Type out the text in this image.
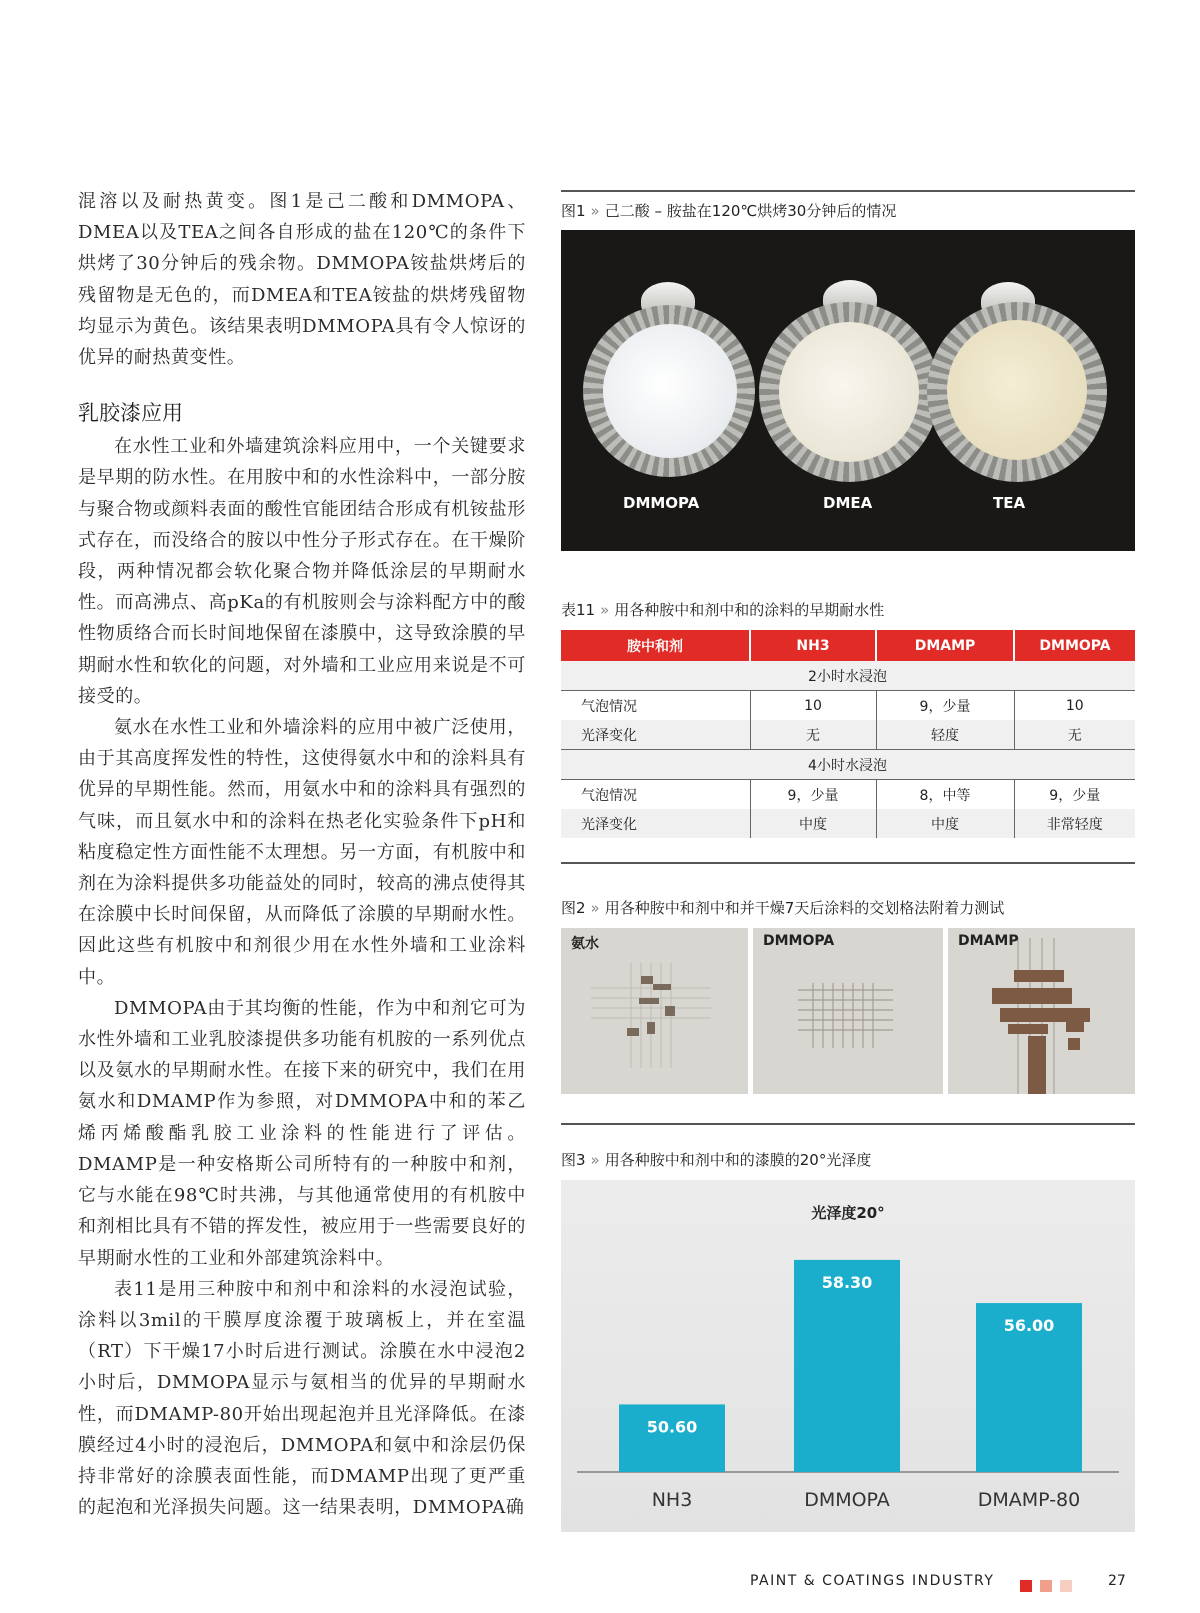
混溶以及耐热黄变。图1是己二酸和DMMOPA、DMEA以及TEA之间各自形成的盐在120℃的条件下烘烤了30分钟后的残余物。DMMOPA铵盐烘烤后的残留物是无色的，而DMEA和TEA铵盐的烘烤残留物均显示为黄色。该结果表明DMMOPA具有令人惊讶的优异的耐热黄变性。

乳胶漆应用

在水性工业和外墙建筑涂料应用中，一个关键要求是早期的防水性。在用胺中和的水性涂料中，一部分胺与聚合物或颜料表面的酸性官能团结合形成有机铵盐形式存在，而没络合的胺以中性分子形式存在。在干燥阶段，两种情况都会软化聚合物并降低涂层的早期耐水性。而高沸点、高pKa的有机胺则会与涂料配方中的酸性物质络合而长时间地保留在漆膜中，这导致涂膜的早期耐水性和软化的问题，对外墙和工业应用来说是不可接受的。

氨水在水性工业和外墙涂料的应用中被广泛使用，由于其高度挥发性的特性，这使得氨水中和的涂料具有优异的早期性能。然而，用氨水中和的涂料具有强烈的气味，而且氨水中和的涂料在热老化实验条件下pH和粘度稳定性方面性能不太理想。另一方面，有机胺中和剂在为涂料提供多功能益处的同时，较高的沸点使得其在涂膜中长时间保留，从而降低了涂膜的早期耐水性。因此这些有机胺中和剂很少用在水性外墙和工业涂料中。

DMMOPA由于其均衡的性能，作为中和剂它可为水性外墙和工业乳胶漆提供多功能有机胺的一系列优点以及氨水的早期耐水性。在接下来的研究中，我们在用氨水和DMAMP作为参照，对DMMOPA中和的苯乙烯丙烯酸酯乳胶工业涂料的性能进行了评估。DMAMP是一种安格斯公司所特有的一种胺中和剂，它与水能在98℃时共沸，与其他通常使用的有机胺中和剂相比具有不错的挥发性，被应用于一些需要良好的早期耐水性的工业和外部建筑涂料中。

表11是用三种胺中和剂中和涂料的水浸泡试验，涂料以3mil的干膜厚度涂覆于玻璃板上，并在室温（RT）下干燥17小时后进行测试。涂膜在水中浸泡2小时后，DMMOPA显示与氨相当的优异的早期耐水性，而DMAMP-80开始出现起泡并且光泽降低。在漆膜经过4小时的浸泡后，DMMOPA和氨中和涂层仍保持非常好的涂膜表面性能，而DMAMP出现了更严重的起泡和光泽损失问题。这一结果表明，DMMOPA确

图1 » 己二酸 – 胺盐在120℃烘烤30分钟后的情况
DMMOPA	DMEA	TEA
表11 » 用各种胺中和剂中和的涂料的早期耐水性
胺中和剂	NH3	DMAMP	DMMOPA
2小时水浸泡			
气泡情况	10	9，少量	10
光泽变化	无	轻度	无
4小时水浸泡			
气泡情况	9，少量	8，中等	9，少量
光泽变化	中度	中度	非常轻度
图2 » 用各种胺中和剂中和并干燥7天后涂料的交划格法附着力测试
氨水	DMMOPA	DMAMP
图3 » 用各种胺中和剂中和的漆膜的20°光泽度
光泽度20°
50.60
NH3
58.30
DMMOPA
56.00
DMAMP-80
PAINT & COATINGS INDUSTRY	27
